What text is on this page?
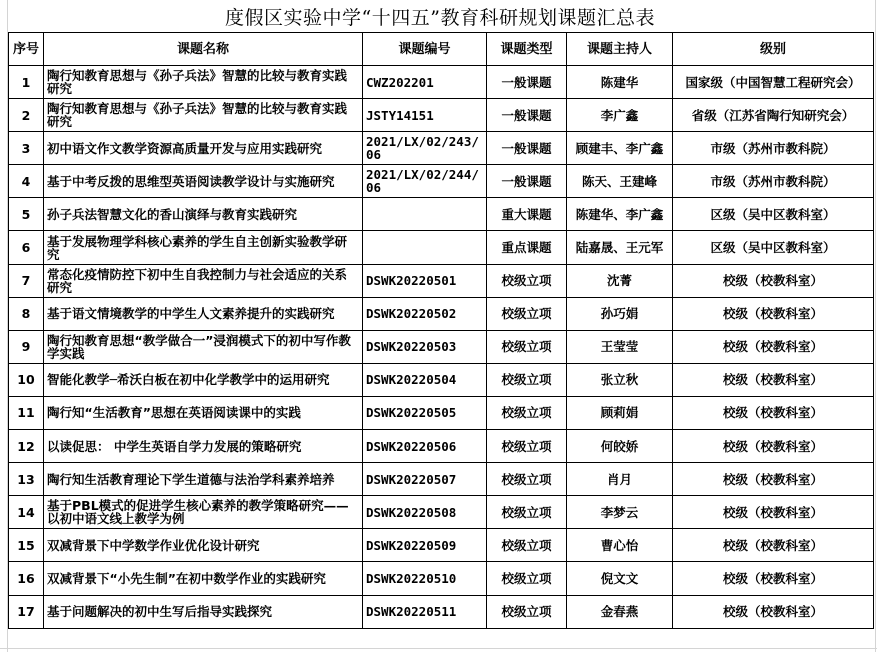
度假区实验中学“十四五”教育科研规划课题汇总表
序号	课题名称	课题编号	课题类型	课题主持人	级别
1	陶行知教育思想与《孙子兵法》智慧的比较与教育实践研究	CWZ202201	一般课题	陈建华	国家级（中国智慧工程研究会）
2	陶行知教育思想与《孙子兵法》智慧的比较与教育实践研究	JSTY14151	一般课题	李广鑫	省级（江苏省陶行知研究会）
3	初中语文作文教学资源高质量开发与应用实践研究	2021/LX/02/243/06	一般课题	顾建丰、李广鑫	市级（苏州市教科院）
4	基于中考反拨的思维型英语阅读教学设计与实施研究	2021/LX/02/244/06	一般课题	陈天、王建峰	市级（苏州市教科院）
5	孙子兵法智慧文化的香山演绎与教育实践研究		重大课题	陈建华、李广鑫	区级（吴中区教科室）
6	基于发展物理学科核心素养的学生自主创新实验教学研究		重点课题	陆嘉晟、王元军	区级（吴中区教科室）
7	常态化疫情防控下初中生自我控制力与社会适应的关系研究	DSWK20220501	校级立项	沈菁	校级（校教科室）
8	基于语文情境教学的中学生人文素养提升的实践研究	DSWK20220502	校级立项	孙巧娟	校级（校教科室）
9	陶行知教育思想“教学做合一”浸润模式下的初中写作教学实践	DSWK20220503	校级立项	王莹莹	校级（校教科室）
10	智能化教学─希沃白板在初中化学教学中的运用研究	DSWK20220504	校级立项	张立秋	校级（校教科室）
11	陶行知“生活教育”思想在英语阅读课中的实践	DSWK20220505	校级立项	顾莉娟	校级（校教科室）
12	以读促思： 中学生英语自学力发展的策略研究	DSWK20220506	校级立项	何皎娇	校级（校教科室）
13	陶行知生活教育理论下学生道德与法治学科素养培养	DSWK20220507	校级立项	肖月	校级（校教科室）
14	基于PBL模式的促进学生核心素养的教学策略研究——以初中语文线上教学为例	DSWK20220508	校级立项	李梦云	校级（校教科室）
15	双减背景下中学数学作业优化设计研究	DSWK20220509	校级立项	曹心怡	校级（校教科室）
16	双减背景下“小先生制”在初中数学作业的实践研究	DSWK20220510	校级立项	倪文文	校级（校教科室）
17	基于问题解决的初中生写后指导实践探究	DSWK20220511	校级立项	金春燕	校级（校教科室）
